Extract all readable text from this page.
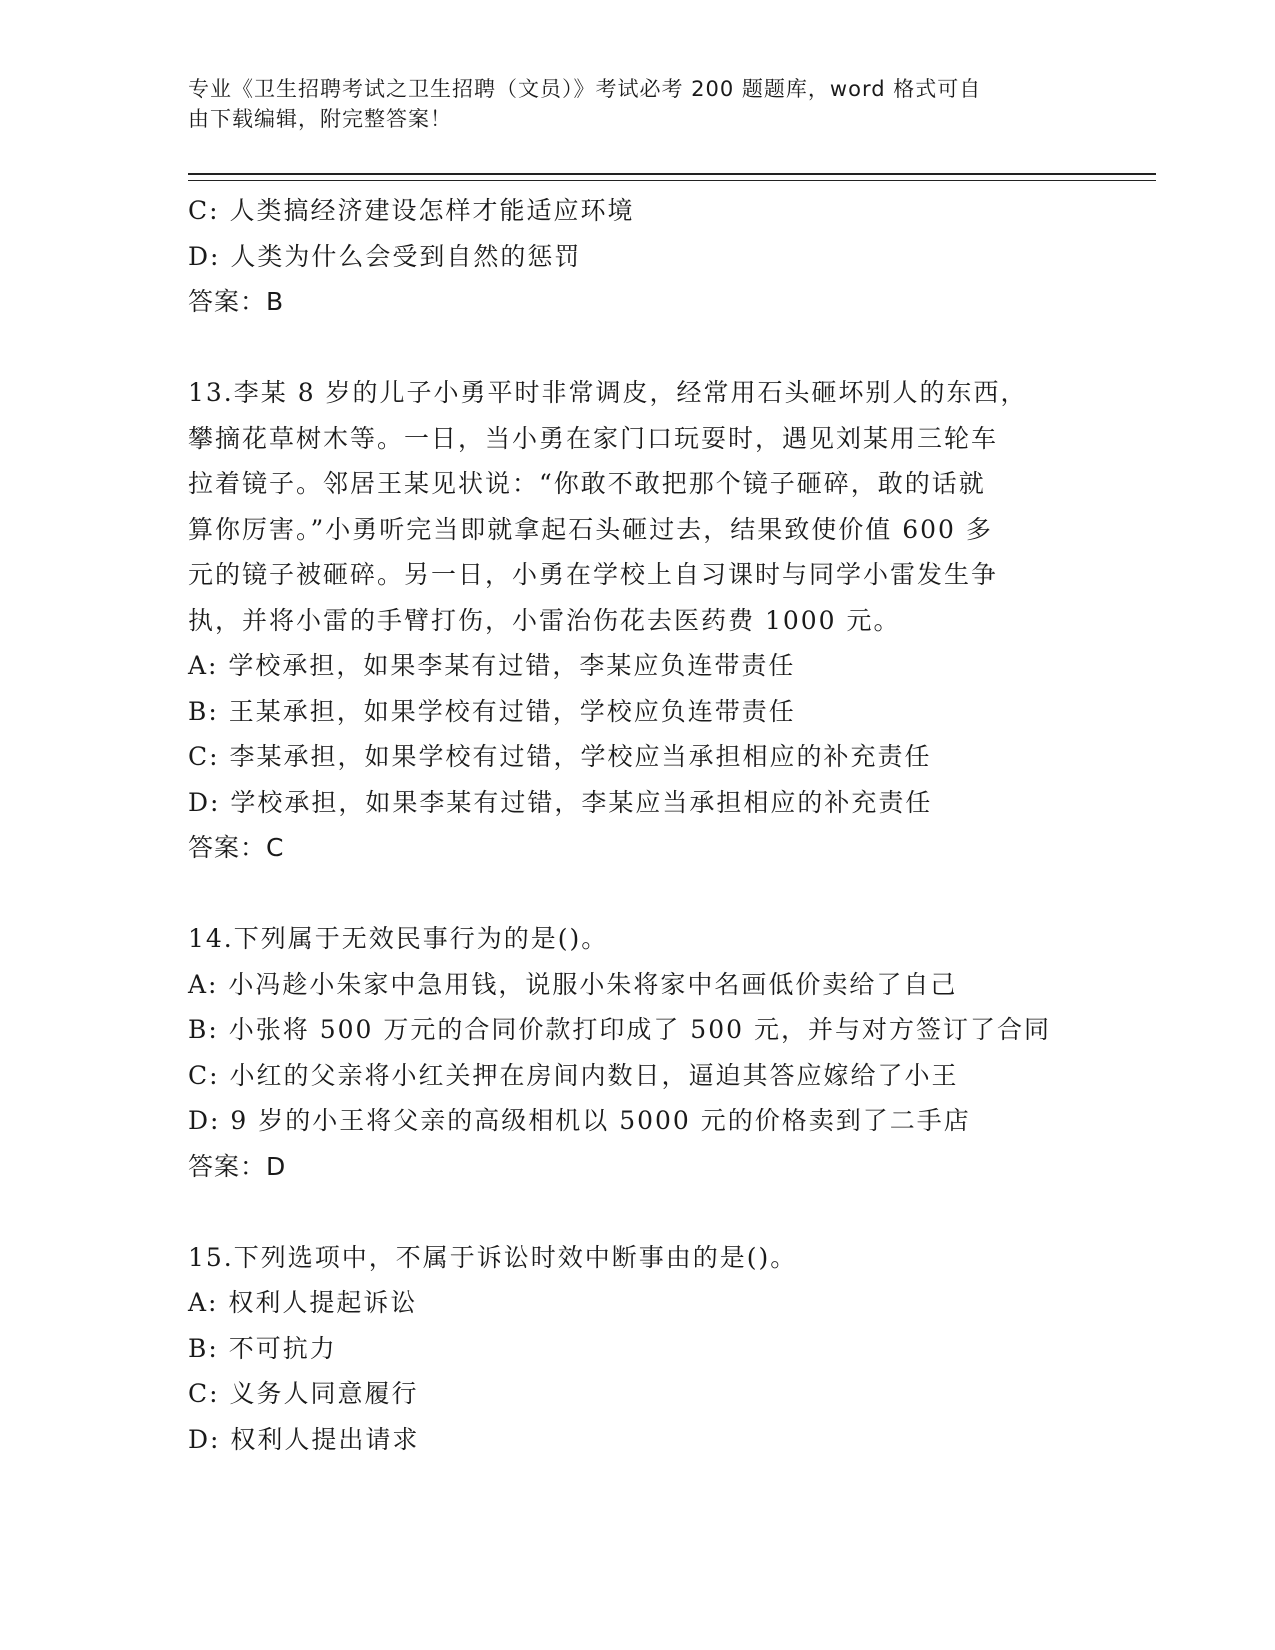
专业《卫生招聘考试之卫生招聘（文员）》考试必考 200 题题库，word 格式可自
由下载编辑，附完整答案！
C: 人类搞经济建设怎样才能适应环境
D: 人类为什么会受到自然的惩罚
答案：B
13.李某 8 岁的儿子小勇平时非常调皮，经常用石头砸坏别人的东西，
攀摘花草树木等。一日，当小勇在家门口玩耍时，遇见刘某用三轮车
拉着镜子。邻居王某见状说：“你敢不敢把那个镜子砸碎，敢的话就
算你厉害。”小勇听完当即就拿起石头砸过去，结果致使价值 600 多
元的镜子被砸碎。另一日，小勇在学校上自习课时与同学小雷发生争
执，并将小雷的手臂打伤，小雷治伤花去医药费 1000 元。
A: 学校承担，如果李某有过错，李某应负连带责任
B: 王某承担，如果学校有过错，学校应负连带责任
C: 李某承担，如果学校有过错，学校应当承担相应的补充责任
D: 学校承担，如果李某有过错，李某应当承担相应的补充责任
答案：C
14.下列属于无效民事行为的是()。
A: 小冯趁小朱家中急用钱，说服小朱将家中名画低价卖给了自己
B: 小张将 500 万元的合同价款打印成了 500 元，并与对方签订了合同
C: 小红的父亲将小红关押在房间内数日，逼迫其答应嫁给了小王
D: 9 岁的小王将父亲的高级相机以 5000 元的价格卖到了二手店
答案：D
15.下列选项中，不属于诉讼时效中断事由的是()。
A: 权利人提起诉讼
B: 不可抗力
C: 义务人同意履行
D: 权利人提出请求
